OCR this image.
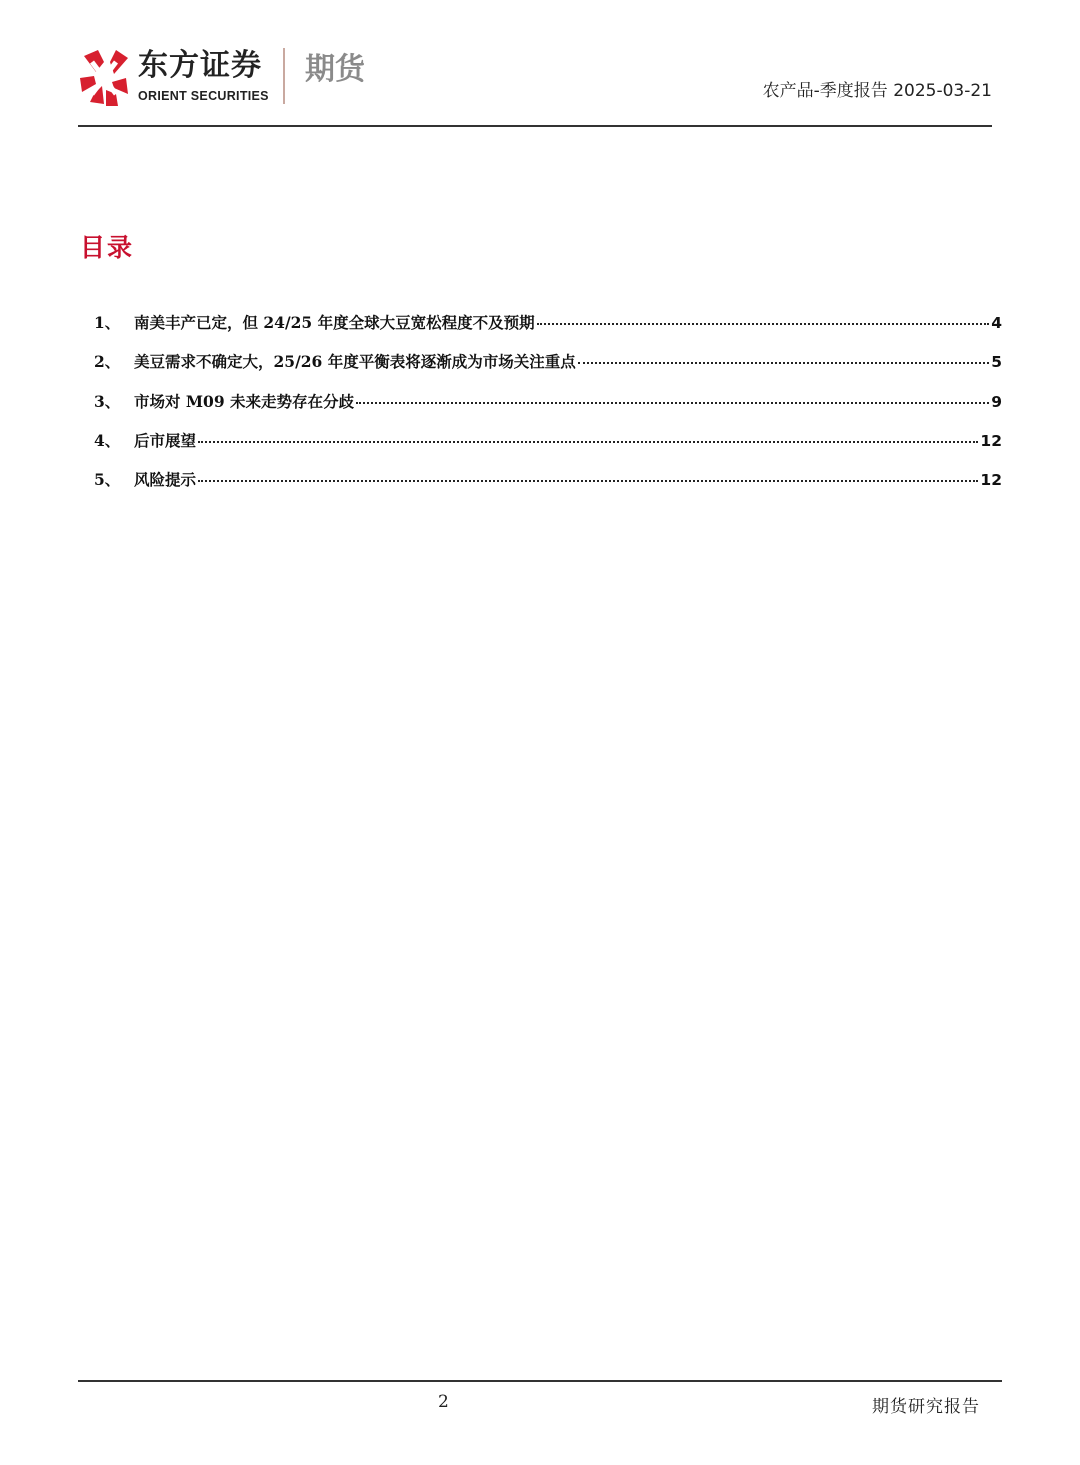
东方证券
ORIENT SECURITIES
期货
农产品-季度报告 2025-03-21
目录
1、 南美丰产已定，但 24/25 年度全球大豆宽松程度不及预期	4
2、 美豆需求不确定大，25/26 年度平衡表将逐渐成为市场关注重点	5
3、 市场对 M09 未来走势存在分歧	9
4、 后市展望	12
5、 风险提示	12
2	期货研究报告
